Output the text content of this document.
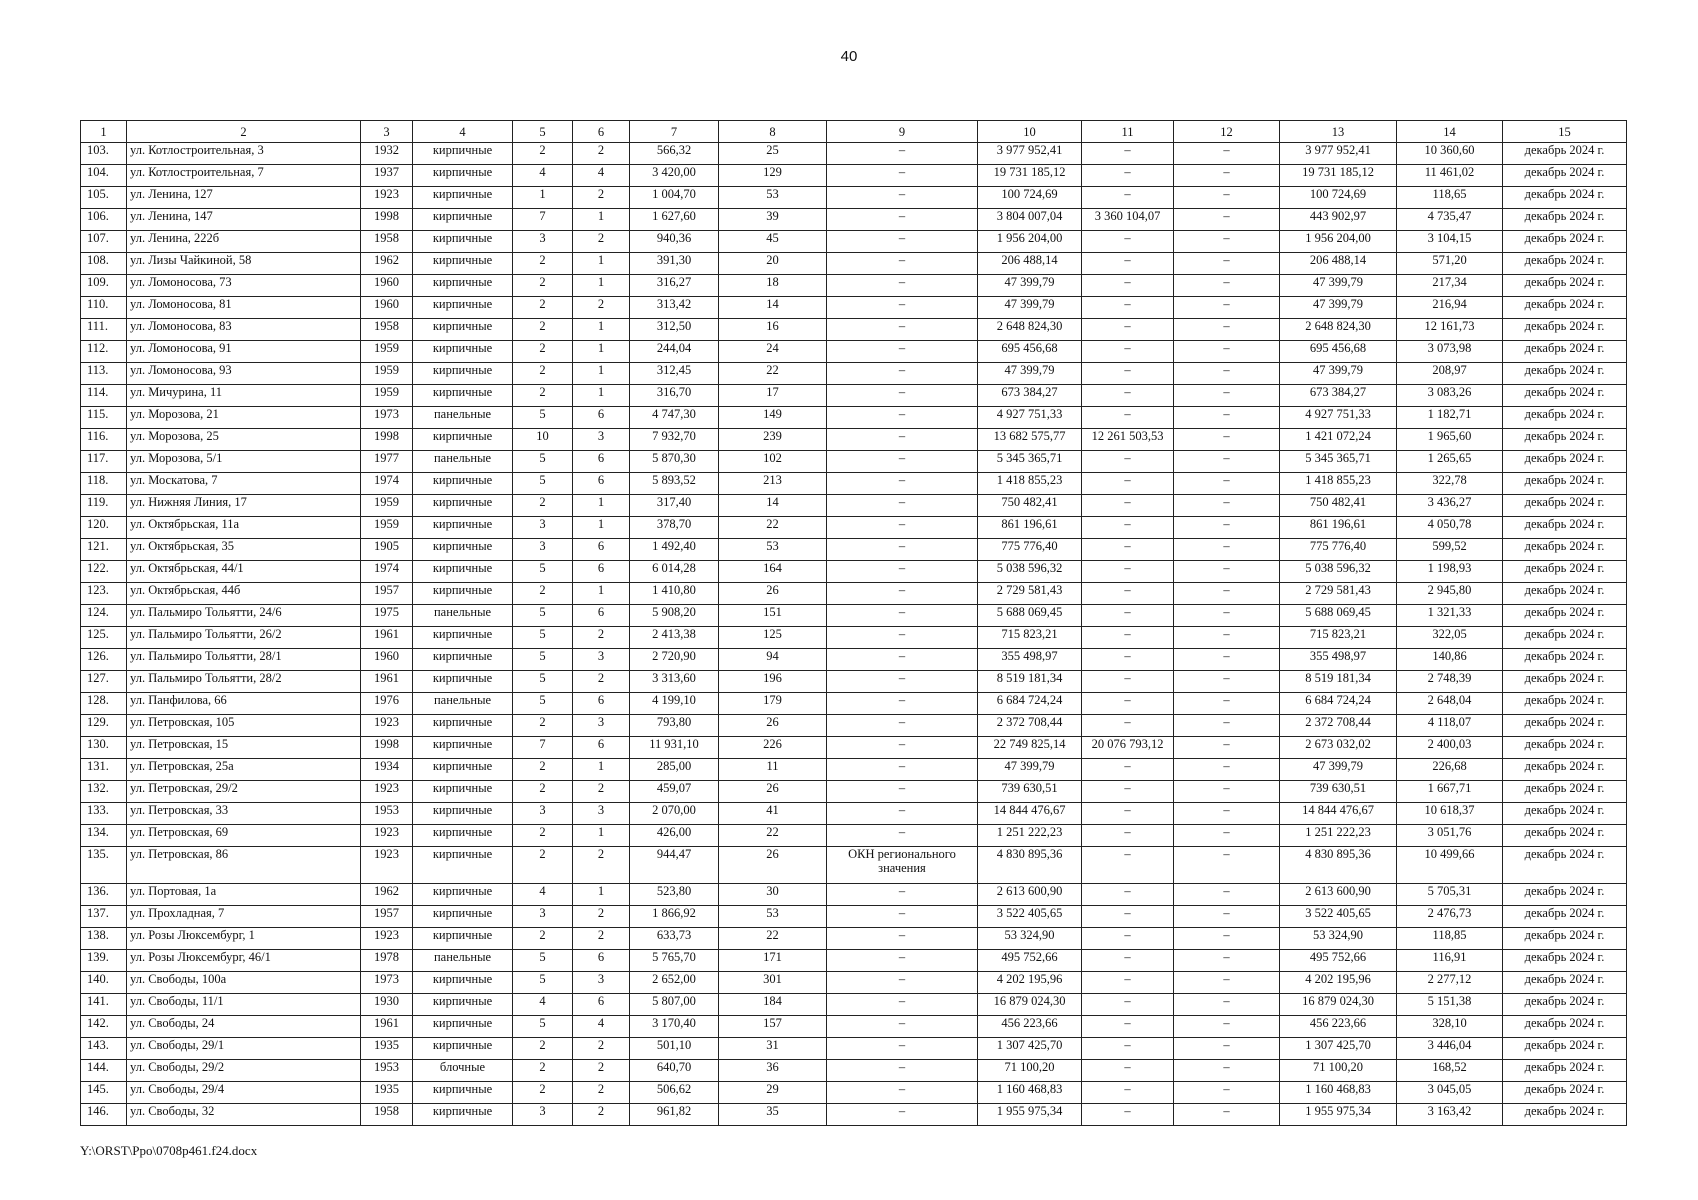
40
1	2	3	4	5	6	7	8	9	10	11	12	13	14	15
103.	ул. Котлостроительная, 3	1932	кирпичные	2	2	566,32	25	–	3 977 952,41	–	–	3 977 952,41	10 360,60	декабрь 2024 г.
104.	ул. Котлостроительная, 7	1937	кирпичные	4	4	3 420,00	129	–	19 731 185,12	–	–	19 731 185,12	11 461,02	декабрь 2024 г.
105.	ул. Ленина, 127	1923	кирпичные	1	2	1 004,70	53	–	100 724,69	–	–	100 724,69	118,65	декабрь 2024 г.
106.	ул. Ленина, 147	1998	кирпичные	7	1	1 627,60	39	–	3 804 007,04	3 360 104,07	–	443 902,97	4 735,47	декабрь 2024 г.
107.	ул. Ленина, 222б	1958	кирпичные	3	2	940,36	45	–	1 956 204,00	–	–	1 956 204,00	3 104,15	декабрь 2024 г.
108.	ул. Лизы Чайкиной, 58	1962	кирпичные	2	1	391,30	20	–	206 488,14	–	–	206 488,14	571,20	декабрь 2024 г.
109.	ул. Ломоносова, 73	1960	кирпичные	2	1	316,27	18	–	47 399,79	–	–	47 399,79	217,34	декабрь 2024 г.
110.	ул. Ломоносова, 81	1960	кирпичные	2	2	313,42	14	–	47 399,79	–	–	47 399,79	216,94	декабрь 2024 г.
111.	ул. Ломоносова, 83	1958	кирпичные	2	1	312,50	16	–	2 648 824,30	–	–	2 648 824,30	12 161,73	декабрь 2024 г.
112.	ул. Ломоносова, 91	1959	кирпичные	2	1	244,04	24	–	695 456,68	–	–	695 456,68	3 073,98	декабрь 2024 г.
113.	ул. Ломоносова, 93	1959	кирпичные	2	1	312,45	22	–	47 399,79	–	–	47 399,79	208,97	декабрь 2024 г.
114.	ул. Мичурина, 11	1959	кирпичные	2	1	316,70	17	–	673 384,27	–	–	673 384,27	3 083,26	декабрь 2024 г.
115.	ул. Морозова, 21	1973	панельные	5	6	4 747,30	149	–	4 927 751,33	–	–	4 927 751,33	1 182,71	декабрь 2024 г.
116.	ул. Морозова, 25	1998	кирпичные	10	3	7 932,70	239	–	13 682 575,77	12 261 503,53	–	1 421 072,24	1 965,60	декабрь 2024 г.
117.	ул. Морозова, 5/1	1977	панельные	5	6	5 870,30	102	–	5 345 365,71	–	–	5 345 365,71	1 265,65	декабрь 2024 г.
118.	ул. Москатова, 7	1974	кирпичные	5	6	5 893,52	213	–	1 418 855,23	–	–	1 418 855,23	322,78	декабрь 2024 г.
119.	ул. Нижняя Линия, 17	1959	кирпичные	2	1	317,40	14	–	750 482,41	–	–	750 482,41	3 436,27	декабрь 2024 г.
120.	ул. Октябрьская, 11а	1959	кирпичные	3	1	378,70	22	–	861 196,61	–	–	861 196,61	4 050,78	декабрь 2024 г.
121.	ул. Октябрьская, 35	1905	кирпичные	3	6	1 492,40	53	–	775 776,40	–	–	775 776,40	599,52	декабрь 2024 г.
122.	ул. Октябрьская, 44/1	1974	кирпичные	5	6	6 014,28	164	–	5 038 596,32	–	–	5 038 596,32	1 198,93	декабрь 2024 г.
123.	ул. Октябрьская, 44б	1957	кирпичные	2	1	1 410,80	26	–	2 729 581,43	–	–	2 729 581,43	2 945,80	декабрь 2024 г.
124.	ул. Пальмиро Тольятти, 24/6	1975	панельные	5	6	5 908,20	151	–	5 688 069,45	–	–	5 688 069,45	1 321,33	декабрь 2024 г.
125.	ул. Пальмиро Тольятти, 26/2	1961	кирпичные	5	2	2 413,38	125	–	715 823,21	–	–	715 823,21	322,05	декабрь 2024 г.
126.	ул. Пальмиро Тольятти, 28/1	1960	кирпичные	5	3	2 720,90	94	–	355 498,97	–	–	355 498,97	140,86	декабрь 2024 г.
127.	ул. Пальмиро Тольятти, 28/2	1961	кирпичные	5	2	3 313,60	196	–	8 519 181,34	–	–	8 519 181,34	2 748,39	декабрь 2024 г.
128.	ул. Панфилова, 66	1976	панельные	5	6	4 199,10	179	–	6 684 724,24	–	–	6 684 724,24	2 648,04	декабрь 2024 г.
129.	ул. Петровская, 105	1923	кирпичные	2	3	793,80	26	–	2 372 708,44	–	–	2 372 708,44	4 118,07	декабрь 2024 г.
130.	ул. Петровская, 15	1998	кирпичные	7	6	11 931,10	226	–	22 749 825,14	20 076 793,12	–	2 673 032,02	2 400,03	декабрь 2024 г.
131.	ул. Петровская, 25а	1934	кирпичные	2	1	285,00	11	–	47 399,79	–	–	47 399,79	226,68	декабрь 2024 г.
132.	ул. Петровская, 29/2	1923	кирпичные	2	2	459,07	26	–	739 630,51	–	–	739 630,51	1 667,71	декабрь 2024 г.
133.	ул. Петровская, 33	1953	кирпичные	3	3	2 070,00	41	–	14 844 476,67	–	–	14 844 476,67	10 618,37	декабрь 2024 г.
134.	ул. Петровская, 69	1923	кирпичные	2	1	426,00	22	–	1 251 222,23	–	–	1 251 222,23	3 051,76	декабрь 2024 г.
135.	ул. Петровская, 86	1923	кирпичные	2	2	944,47	26	ОКН регионального значения	4 830 895,36	–	–	4 830 895,36	10 499,66	декабрь 2024 г.
136.	ул. Портовая, 1а	1962	кирпичные	4	1	523,80	30	–	2 613 600,90	–	–	2 613 600,90	5 705,31	декабрь 2024 г.
137.	ул. Прохладная, 7	1957	кирпичные	3	2	1 866,92	53	–	3 522 405,65	–	–	3 522 405,65	2 476,73	декабрь 2024 г.
138.	ул. Розы Люксембург, 1	1923	кирпичные	2	2	633,73	22	–	53 324,90	–	–	53 324,90	118,85	декабрь 2024 г.
139.	ул. Розы Люксембург, 46/1	1978	панельные	5	6	5 765,70	171	–	495 752,66	–	–	495 752,66	116,91	декабрь 2024 г.
140.	ул. Свободы, 100а	1973	кирпичные	5	3	2 652,00	301	–	4 202 195,96	–	–	4 202 195,96	2 277,12	декабрь 2024 г.
141.	ул. Свободы, 11/1	1930	кирпичные	4	6	5 807,00	184	–	16 879 024,30	–	–	16 879 024,30	5 151,38	декабрь 2024 г.
142.	ул. Свободы, 24	1961	кирпичные	5	4	3 170,40	157	–	456 223,66	–	–	456 223,66	328,10	декабрь 2024 г.
143.	ул. Свободы, 29/1	1935	кирпичные	2	2	501,10	31	–	1 307 425,70	–	–	1 307 425,70	3 446,04	декабрь 2024 г.
144.	ул. Свободы, 29/2	1953	блочные	2	2	640,70	36	–	71 100,20	–	–	71 100,20	168,52	декабрь 2024 г.
145.	ул. Свободы, 29/4	1935	кирпичные	2	2	506,62	29	–	1 160 468,83	–	–	1 160 468,83	3 045,05	декабрь 2024 г.
146.	ул. Свободы, 32	1958	кирпичные	3	2	961,82	35	–	1 955 975,34	–	–	1 955 975,34	3 163,42	декабрь 2024 г.
Y:\ORST\Ppo\0708p461.f24.docx
